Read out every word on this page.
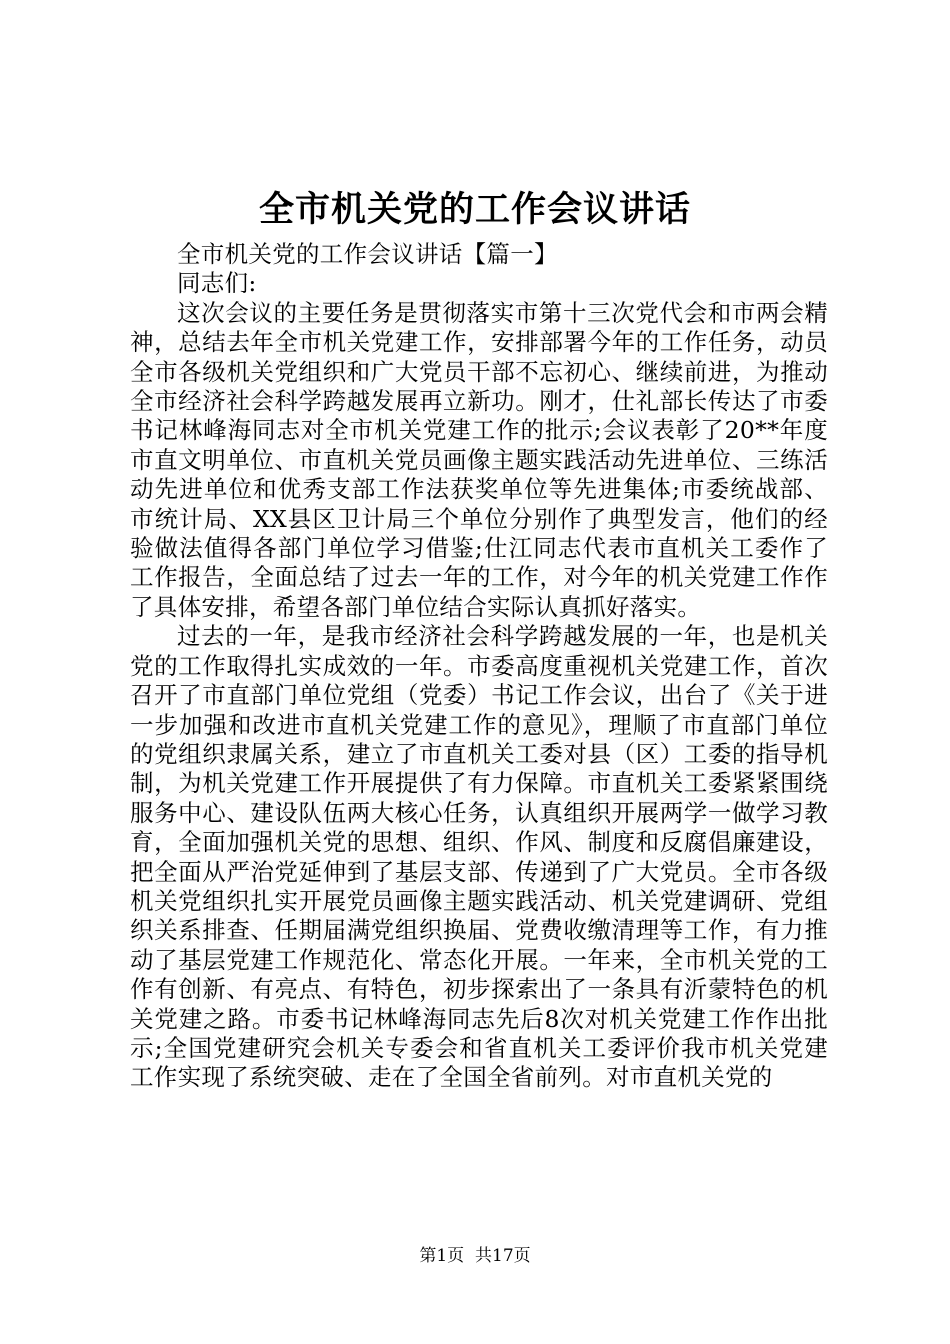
全市机关党的工作会议讲话

全市机关党的工作会议讲话【篇一】

同志们:

这次会议的主要任务是贯彻落实市第十三次党代会和市两会精神，总结去年全市机关党建工作，安排部署今年的工作任务，动员全市各级机关党组织和广大党员干部不忘初心、继续前进，为推动全市经济社会科学跨越发展再立新功。刚才，仕礼部长传达了市委书记林峰海同志对全市机关党建工作的批示;会议表彰了20**年度市直文明单位、市直机关党员画像主题实践活动先进单位、三练活动先进单位和优秀支部工作法获奖单位等先进集体;市委统战部、市统计局、XX县区卫计局三个单位分别作了典型发言，他们的经验做法值得各部门单位学习借鉴;仕江同志代表市直机关工委作了工作报告，全面总结了过去一年的工作，对今年的机关党建工作作了具体安排，希望各部门单位结合实际认真抓好落实。

过去的一年，是我市经济社会科学跨越发展的一年，也是机关党的工作取得扎实成效的一年。市委高度重视机关党建工作，首次召开了市直部门单位党组（党委）书记工作会议，出台了《关于进一步加强和改进市直机关党建工作的意见》，理顺了市直部门单位的党组织隶属关系，建立了市直机关工委对县（区）工委的指导机制，为机关党建工作开展提供了有力保障。市直机关工委紧紧围绕服务中心、建设队伍两大核心任务，认真组织开展两学一做学习教育，全面加强机关党的思想、组织、作风、制度和反腐倡廉建设，把全面从严治党延伸到了基层支部、传递到了广大党员。全市各级机关党组织扎实开展党员画像主题实践活动、机关党建调研、党组织关系排查、任期届满党组织换届、党费收缴清理等工作，有力推动了基层党建工作规范化、常态化开展。一年来，全市机关党的工作有创新、有亮点、有特色，初步探索出了一条具有沂蒙特色的机关党建之路。市委书记林峰海同志先后8次对机关党建工作作出批示;全国党建研究会机关专委会和省直机关工委评价我市机关党建工作实现了系统突破、走在了全国全省前列。对市直机关党的

第1页 共17页
